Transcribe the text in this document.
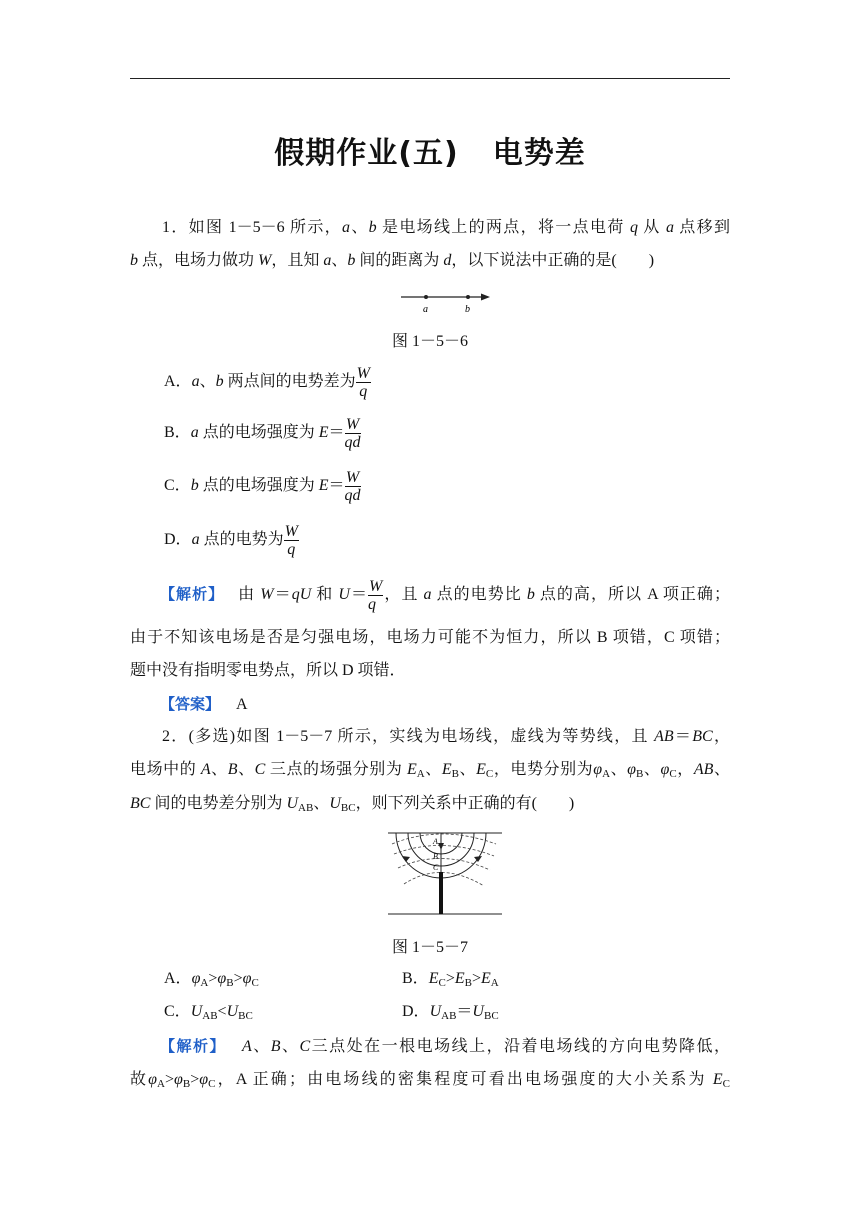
假期作业(五) 电势差
1．如图 1－5－6 所示，a、b 是电场线上的两点，将一点电荷 q 从 a 点移到
b 点，电场力做功 W，且知 a、b 间的距离为 d，以下说法中正确的是(　　)
a	b
图 1－5－6
A．a、b 两点间的电势差为 $\frac{W}{q}$
B．a 点的电场强度为 $E= \frac{W}{qd}$
C．b 点的电场强度为 $E= \frac{W}{qd}$
D．a 点的电势为 $\frac{W}{q}$
【解析】 由 W＝qU 和 $U= \frac{W}{q}$ ，且 a 点的电势比 b 点的高，所以 A 项正确；
由于不知该电场是否是匀强电场，电场力可能不为恒力，所以 B 项错，C 项错；
题中没有指明零电势点，所以 D 项错．
【答案】 A
2．(多选)如图 1－5－7 所示，实线为电场线，虚线为等势线，且 AB＝BC，
电场中的 A、B、C 三点的场强分别为 $E_A$、$E_B$、$E_C$，电势分别为$\varphi_A$、$\varphi_B$、$\varphi_C$，AB、
BC 间的电势差分别为 $U_{AB}$、$U_{BC}$，则下列关系中正确的有(　　)
A
B
C
图 1－5－7
A．$\varphi_A>\varphi_B>\varphi_C$	B．$E_C>E_B>E_A$
C．$U_{AB}<U_{BC}$	D．$U_{AB}=U_{BC}$
【解析】 A、B、C三点处在一根电场线上，沿着电场线的方向电势降低，
故$\varphi_A>\varphi_B>\varphi_C$，A 正确；由电场线的密集程度可看出电场强度的大小关系为 $E_C$
